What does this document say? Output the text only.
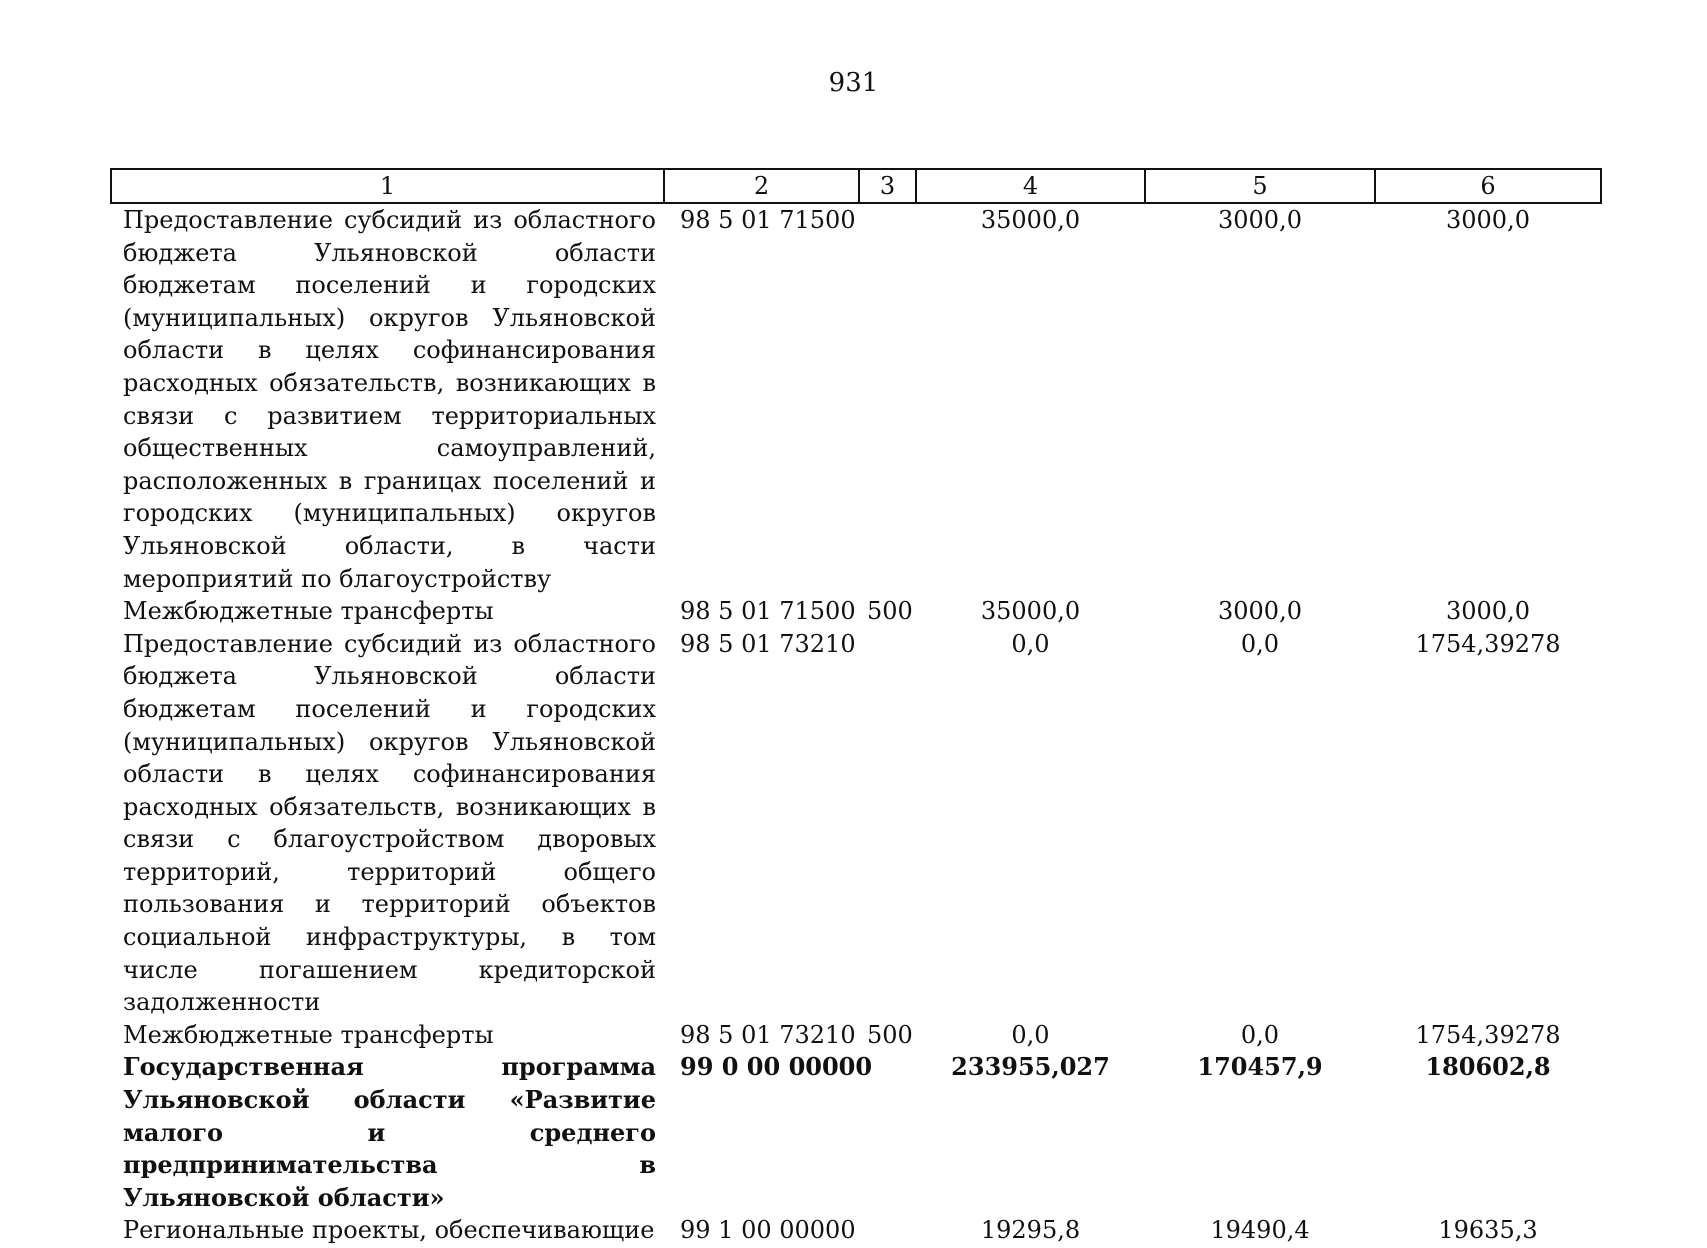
931
1	2	3	4	5	6
Предоставление субсидий из областного бюджета Ульяновской области бюджетам поселений и городских (муниципальных) округов Ульяновской области в целях софинансирования расходных обязательств, возникающих в связи с развитием территориальных общественных самоуправлений, расположенных в границах поселений и городских (муниципальных) округов Ульяновской области, в части мероприятий по благоустройству	98 5 01 71500		35000,0	3000,0	3000,0
Межбюджетные трансферты	98 5 01 71500	500	35000,0	3000,0	3000,0
Предоставление субсидий из областного бюджета Ульяновской области бюджетам поселений и городских (муниципальных) округов Ульяновской области в целях софинансирования расходных обязательств, возникающих в связи с благоустройством дворовых территорий, территорий общего пользования и территорий объектов социальной инфраструктуры, в том числе погашением кредиторской задолженности	98 5 01 73210		0,0	0,0	1754,39278
Межбюджетные трансферты	98 5 01 73210	500	0,0	0,0	1754,39278
Государственная программа Ульяновской области «Развитие малого и среднего предпринимательства в Ульяновской области»	99 0 00 00000		233955,027	170457,9	180602,8
Региональные проекты, обеспечивающие	99 1 00 00000		19295,8	19490,4	19635,3
